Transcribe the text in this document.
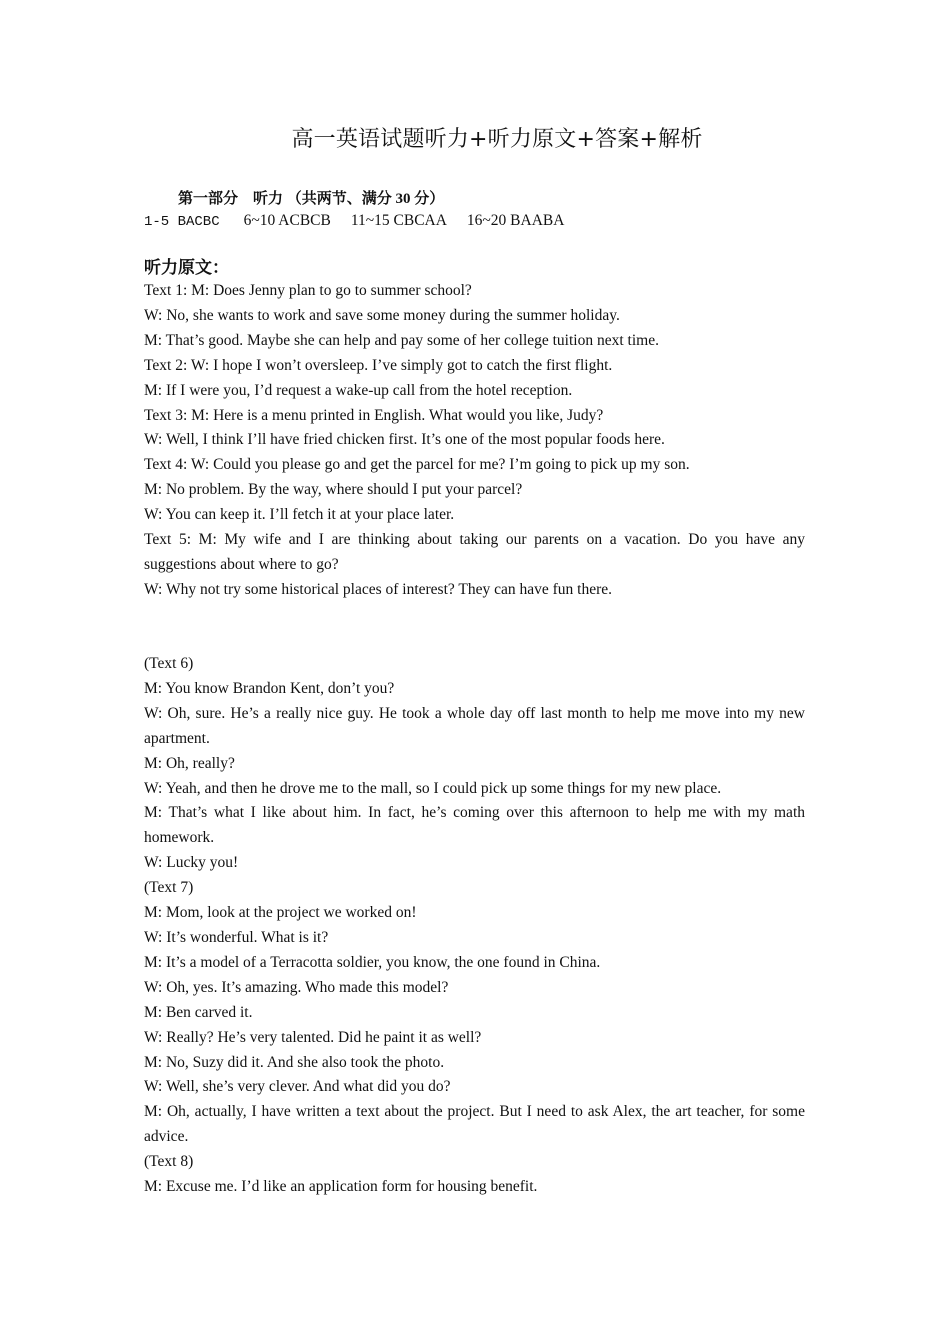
高一英语试题听力+听力原文+答案+解析

第一部分　听力 （共两节、满分 30 分）

1-5 BACBC 6~10 ACBCB 11~15 CBCAA 16~20 BAABA

听力原文：

Text 1: M: Does Jenny plan to go to summer school?

W: No, she wants to work and save some money during the summer holiday.

M: That’s good. Maybe she can help and pay some of her college tuition next time.

Text 2: W: I hope I won’t oversleep. I’ve simply got to catch the first flight.

M: If I were you, I’d request a wake-up call from the hotel reception.

Text 3: M: Here is a menu printed in English. What would you like, Judy?

W: Well, I think I’ll have fried chicken first. It’s one of the most popular foods here.

Text 4: W: Could you please go and get the parcel for me? I’m going to pick up my son.

M: No problem. By the way, where should I put your parcel?

W: You can keep it. I’ll fetch it at your place later.

Text 5: M: My wife and I are thinking about taking our parents on a vacation. Do you have any suggestions about where to go?

W: Why not try some historical places of interest? They can have fun there.

(Text 6)

M: You know Brandon Kent, don’t you?

W: Oh, sure. He’s a really nice guy. He took a whole day off last month to help me move into my new apartment.

M: Oh, really?

W: Yeah, and then he drove me to the mall, so I could pick up some things for my new place.

M: That’s what I like about him. In fact, he’s coming over this afternoon to help me with my math homework.

W: Lucky you!

(Text 7)

M: Mom, look at the project we worked on!

W: It’s wonderful. What is it?

M: It’s a model of a Terracotta soldier, you know, the one found in China.

W: Oh, yes. It’s amazing. Who made this model?

M: Ben carved it.

W: Really? He’s very talented. Did he paint it as well?

M: No, Suzy did it. And she also took the photo.

W: Well, she’s very clever. And what did you do?

M: Oh, actually, I have written a text about the project. But I need to ask Alex, the art teacher, for some advice.

(Text 8)

M: Excuse me. I’d like an application form for housing benefit.
